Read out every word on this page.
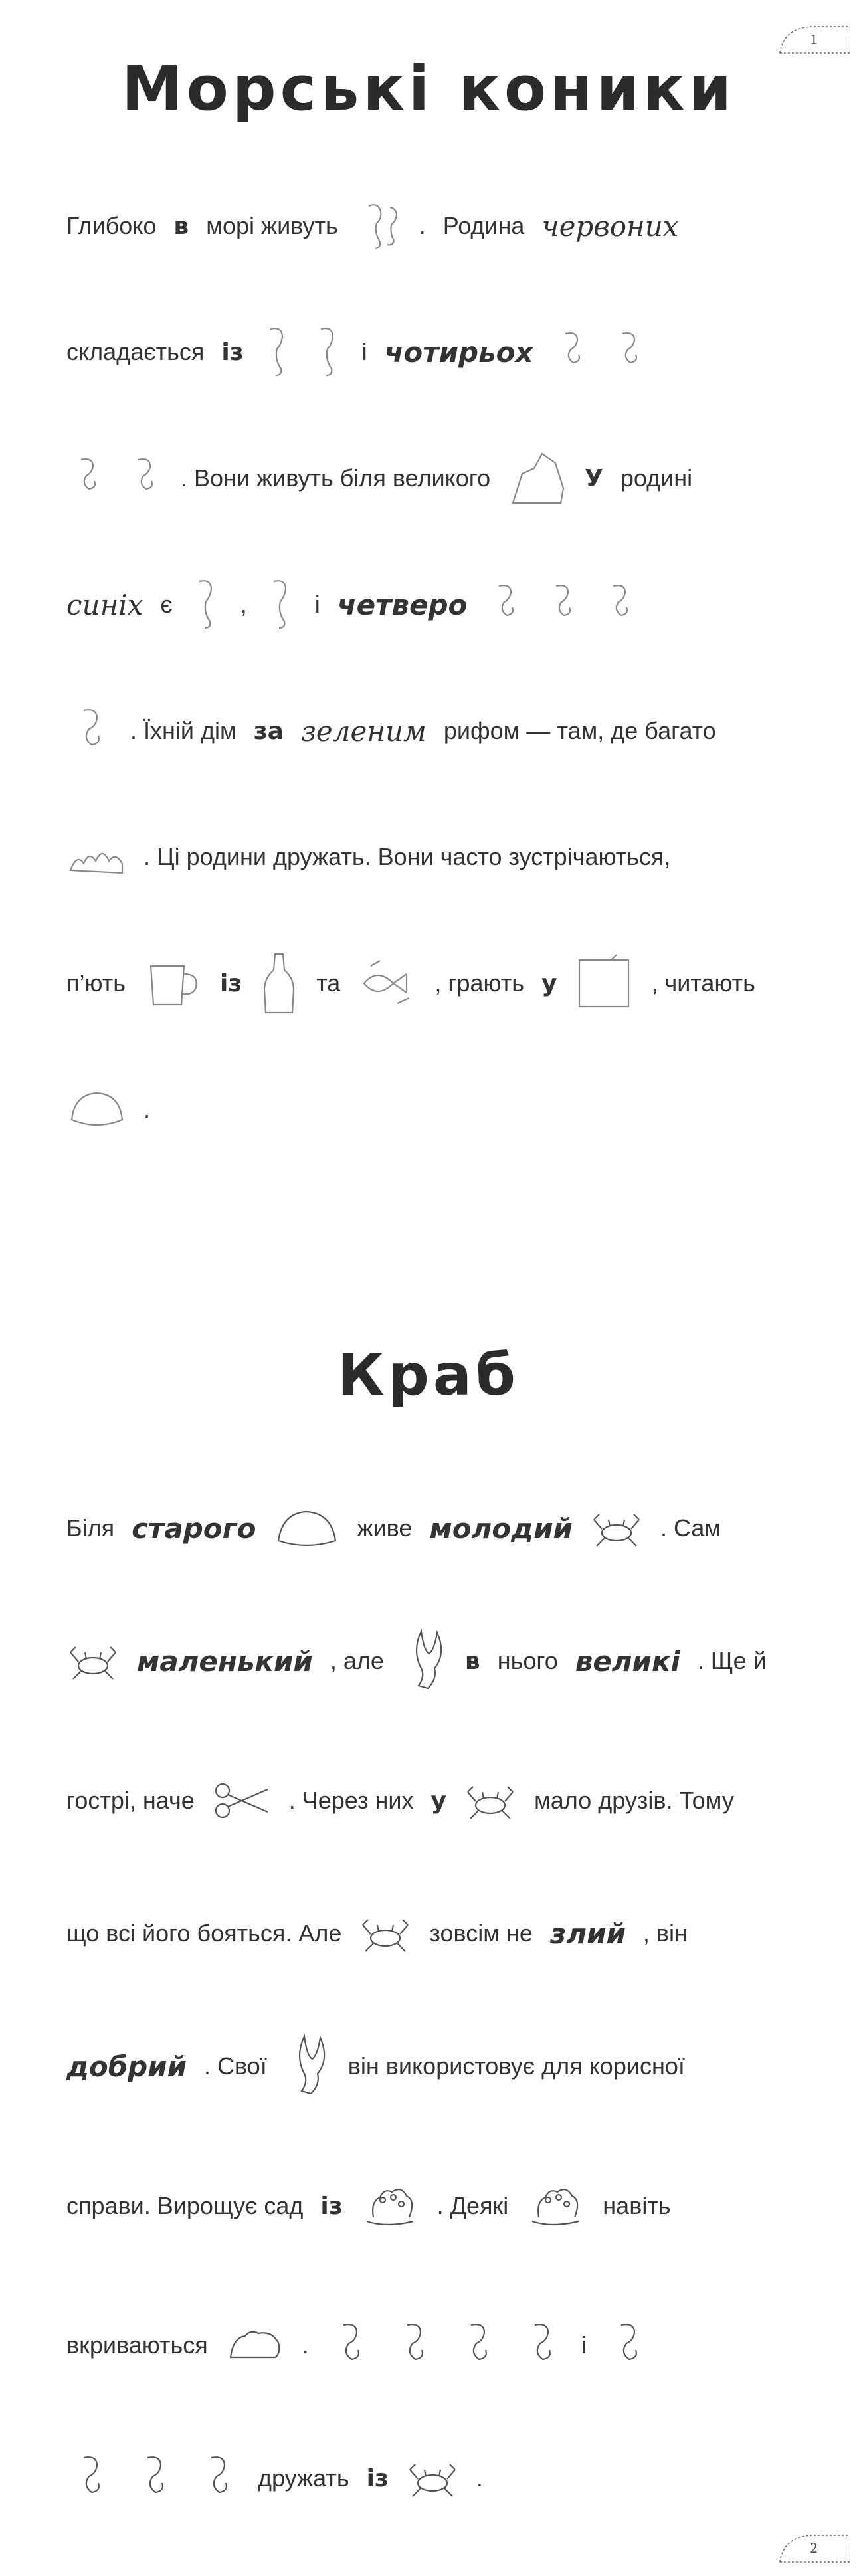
1
Морські коники
Глибоко в морі живуть	. Родина червоних
складається із	і чотирьох
. Вони живуть біля великого	У родині
синіх є	,	і четверо
. Їхній дім за зеленим рифом — там, де багато
. Ці родини дружать. Вони часто зустрічаються,
п’ють	із	та	, грають у	, читають
.
Краб
Біля старого	живе молодий	. Сам
маленький , але	в нього великі . Ще й
гострі, наче	. Через них у	мало друзів. Тому
що всі його бояться. Але	зовсім не злий , він
добрий . Свої	він використовує для корисної
справи. Вирощує сад із	. Деякі	навіть
вкриваються	.	і
дружать із	.
2
